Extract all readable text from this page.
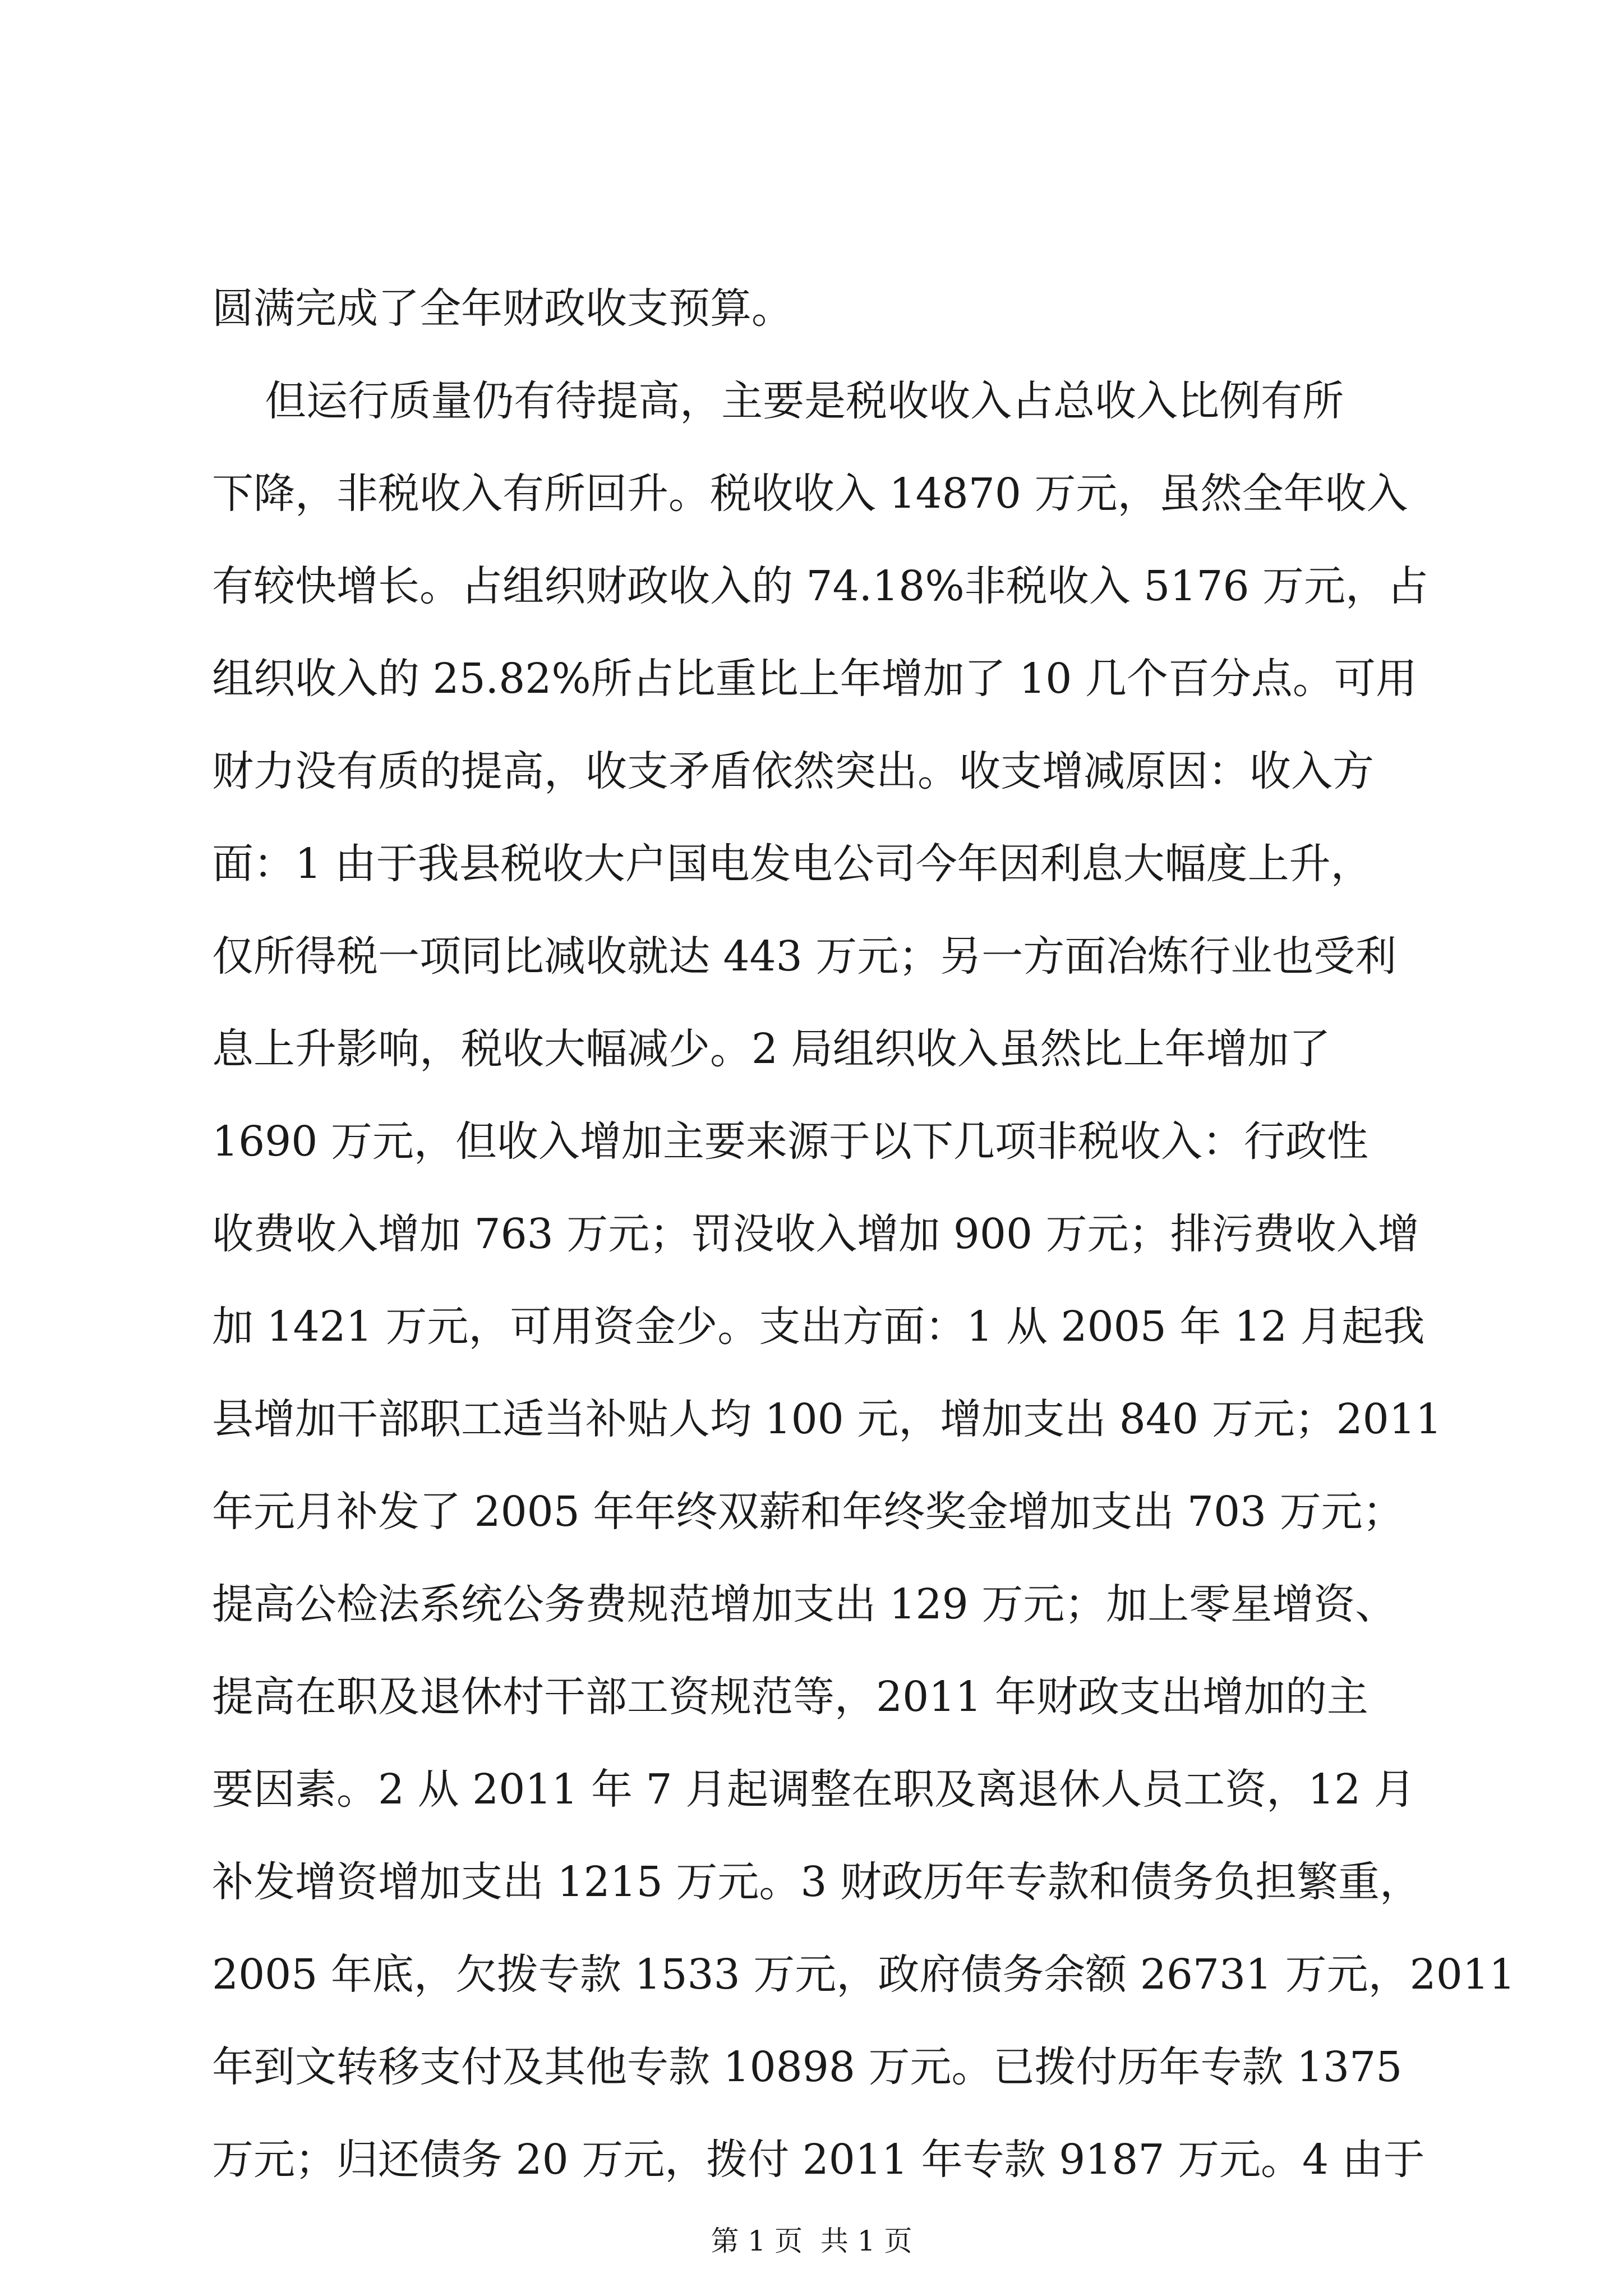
圆满完成了全年财政收支预算。

但运行质量仍有待提高，主要是税收收入占总收入比例有所

下降，非税收入有所回升。税收收入 14870 万元，虽然全年收入

有较快增长。占组织财政收入的 74.18%非税收入 5176 万元，占

组织收入的 25.82%所占比重比上年增加了 10 几个百分点。可用

财力没有质的提高，收支矛盾依然突出。收支增减原因：收入方

面：1 由于我县税收大户国电发电公司今年因利息大幅度上升，

仅所得税一项同比减收就达 443 万元；另一方面冶炼行业也受利

息上升影响，税收大幅减少。2 局组织收入虽然比上年增加了

1690 万元，但收入增加主要来源于以下几项非税收入：行政性

收费收入增加 763 万元；罚没收入增加 900 万元；排污费收入增

加 1421 万元，可用资金少。支出方面：1 从 2005 年 12 月起我

县增加干部职工适当补贴人均 100 元，增加支出 840 万元；2011

年元月补发了 2005 年年终双薪和年终奖金增加支出 703 万元；

提高公检法系统公务费规范增加支出 129 万元；加上零星增资、

提高在职及退休村干部工资规范等，2011 年财政支出增加的主

要因素。2 从 2011 年 7 月起调整在职及离退休人员工资，12 月

补发增资增加支出 1215 万元。3 财政历年专款和债务负担繁重，

2005 年底，欠拨专款 1533 万元，政府债务余额 26731 万元，2011

年到文转移支付及其他专款 10898 万元。已拨付历年专款 1375

万元；归还债务 20 万元，拨付 2011 年专款 9187 万元。4 由于

第 1 页  共 1 页
